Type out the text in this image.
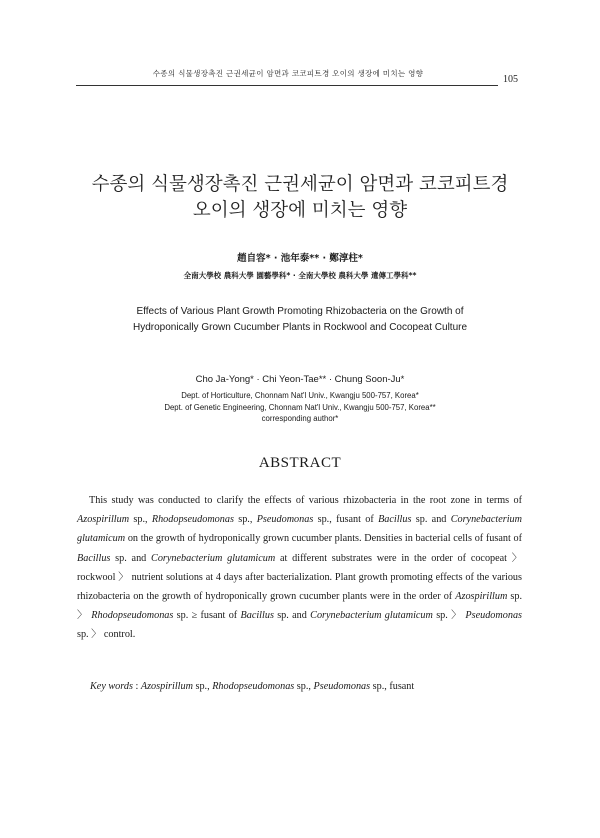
수종의 식물생장촉진 근권세균이 암면과 코코피트경 오이의 생장에 미치는 영향
105
수종의 식물생장촉진 근권세균이 암면과 코코피트경
오이의 생장에 미치는 영향
趙自容* · 池年泰** · 鄭淳柱*
全南大學校 農科大學 園藝學科* · 全南大學校 農科大學 遺傳工學科**
Effects of Various Plant Growth Promoting Rhizobacteria on the Growth of
Hydroponically Grown Cucumber Plants in Rockwool and Cocopeat Culture
Cho Ja-Yong* · Chi Yeon-Tae** · Chung Soon-Ju*
Dept. of Horticulture, Chonnam Nat'l Univ., Kwangju 500-757, Korea*
Dept. of Genetic Engineering, Chonnam Nat'l Univ., Kwangju 500-757, Korea**
corresponding author*
ABSTRACT
This study was conducted to clarify the effects of various rhizobacteria in the root zone in terms of Azospirillum sp., Rhodopseudomonas sp., Pseudomonas sp., fusant of Bacillus sp. and Corynebacterium glutamicum on the growth of hydroponically grown cucumber plants. Densities in bacterial cells of fusant of Bacillus sp. and Corynebacterium glutamicum at different substrates were in the order of cocopeat 〉 rockwool 〉 nutrient solutions at 4 days after bacterialization. Plant growth promoting effects of the various rhizobacteria on the growth of hydroponically grown cucumber plants were in the order of Azospirillum sp. 〉 Rhodopseudomonas sp. ≥ fusant of Bacillus sp. and Corynebacterium glutamicum sp. 〉 Pseudomonas sp. 〉 control.
Key words : Azospirillum sp., Rhodopseudomonas sp., Pseudomonas sp., fusant
